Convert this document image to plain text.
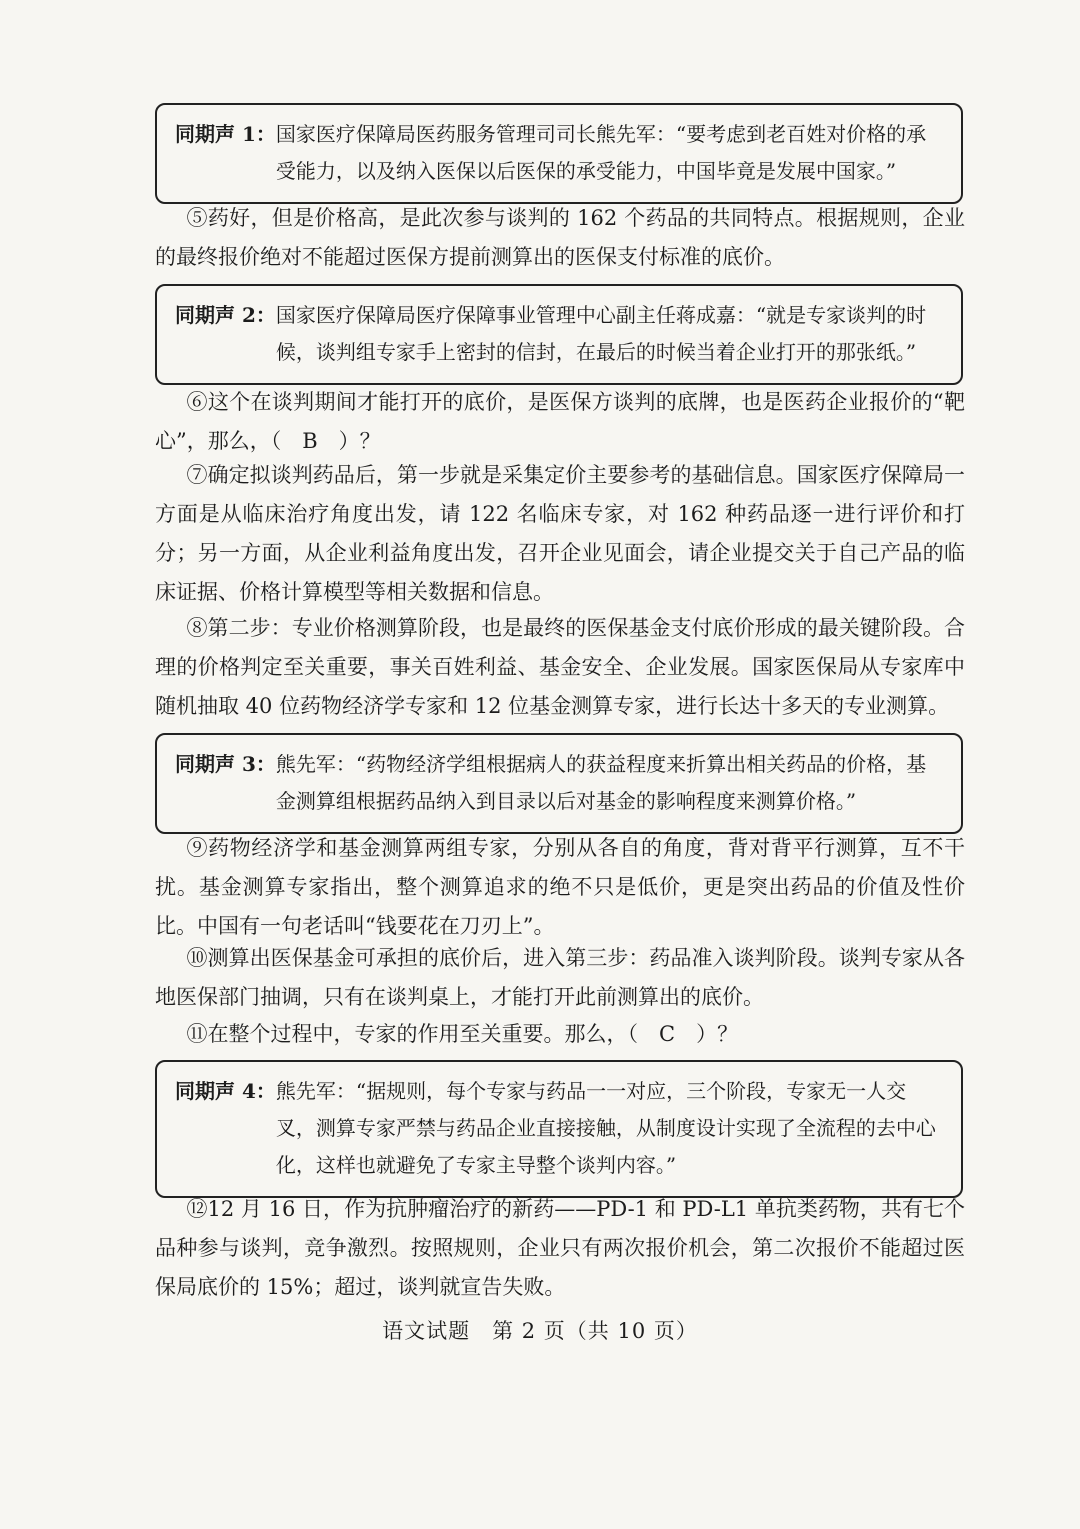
同期声 1： 国家医疗保障局医药服务管理司司长熊先军：“要考虑到老百姓对价格的承受能力，以及纳入医保以后医保的承受能力，中国毕竟是发展中国家。”

⑤药好，但是价格高，是此次参与谈判的 162 个药品的共同特点。根据规则，企业的最终报价绝对不能超过医保方提前测算出的医保支付标准的底价。

同期声 2： 国家医疗保障局医疗保障事业管理中心副主任蒋成嘉：“就是专家谈判的时候，谈判组专家手上密封的信封，在最后的时候当着企业打开的那张纸。”

⑥这个在谈判期间才能打开的底价，是医保方谈判的底牌，也是医药企业报价的“靶心”，那么，（　B　）？

⑦确定拟谈判药品后，第一步就是采集定价主要参考的基础信息。国家医疗保障局一方面是从临床治疗角度出发，请 122 名临床专家，对 162 种药品逐一进行评价和打分；另一方面，从企业利益角度出发，召开企业见面会，请企业提交关于自己产品的临床证据、价格计算模型等相关数据和信息。

⑧第二步：专业价格测算阶段，也是最终的医保基金支付底价形成的最关键阶段。合理的价格判定至关重要，事关百姓利益、基金安全、企业发展。国家医保局从专家库中随机抽取 40 位药物经济学专家和 12 位基金测算专家，进行长达十多天的专业测算。

同期声 3： 熊先军：“药物经济学组根据病人的获益程度来折算出相关药品的价格，基金测算组根据药品纳入到目录以后对基金的影响程度来测算价格。”

⑨药物经济学和基金测算两组专家，分别从各自的角度，背对背平行测算，互不干扰。基金测算专家指出，整个测算追求的绝不只是低价，更是突出药品的价值及性价比。中国有一句老话叫“钱要花在刀刃上”。

⑩测算出医保基金可承担的底价后，进入第三步：药品准入谈判阶段。谈判专家从各地医保部门抽调，只有在谈判桌上，才能打开此前测算出的底价。

⑪在整个过程中，专家的作用至关重要。那么，（　C　）？

同期声 4： 熊先军：“据规则，每个专家与药品一一对应，三个阶段，专家无一人交叉，测算专家严禁与药品企业直接接触，从制度设计实现了全流程的去中心化，这样也就避免了专家主导整个谈判内容。”

⑫12 月 16 日，作为抗肿瘤治疗的新药——PD-1 和 PD-L1 单抗类药物，共有七个品种参与谈判，竞争激烈。按照规则，企业只有两次报价机会，第二次报价不能超过医保局底价的 15%；超过，谈判就宣告失败。

语文试题　第 2 页（共 10 页）
